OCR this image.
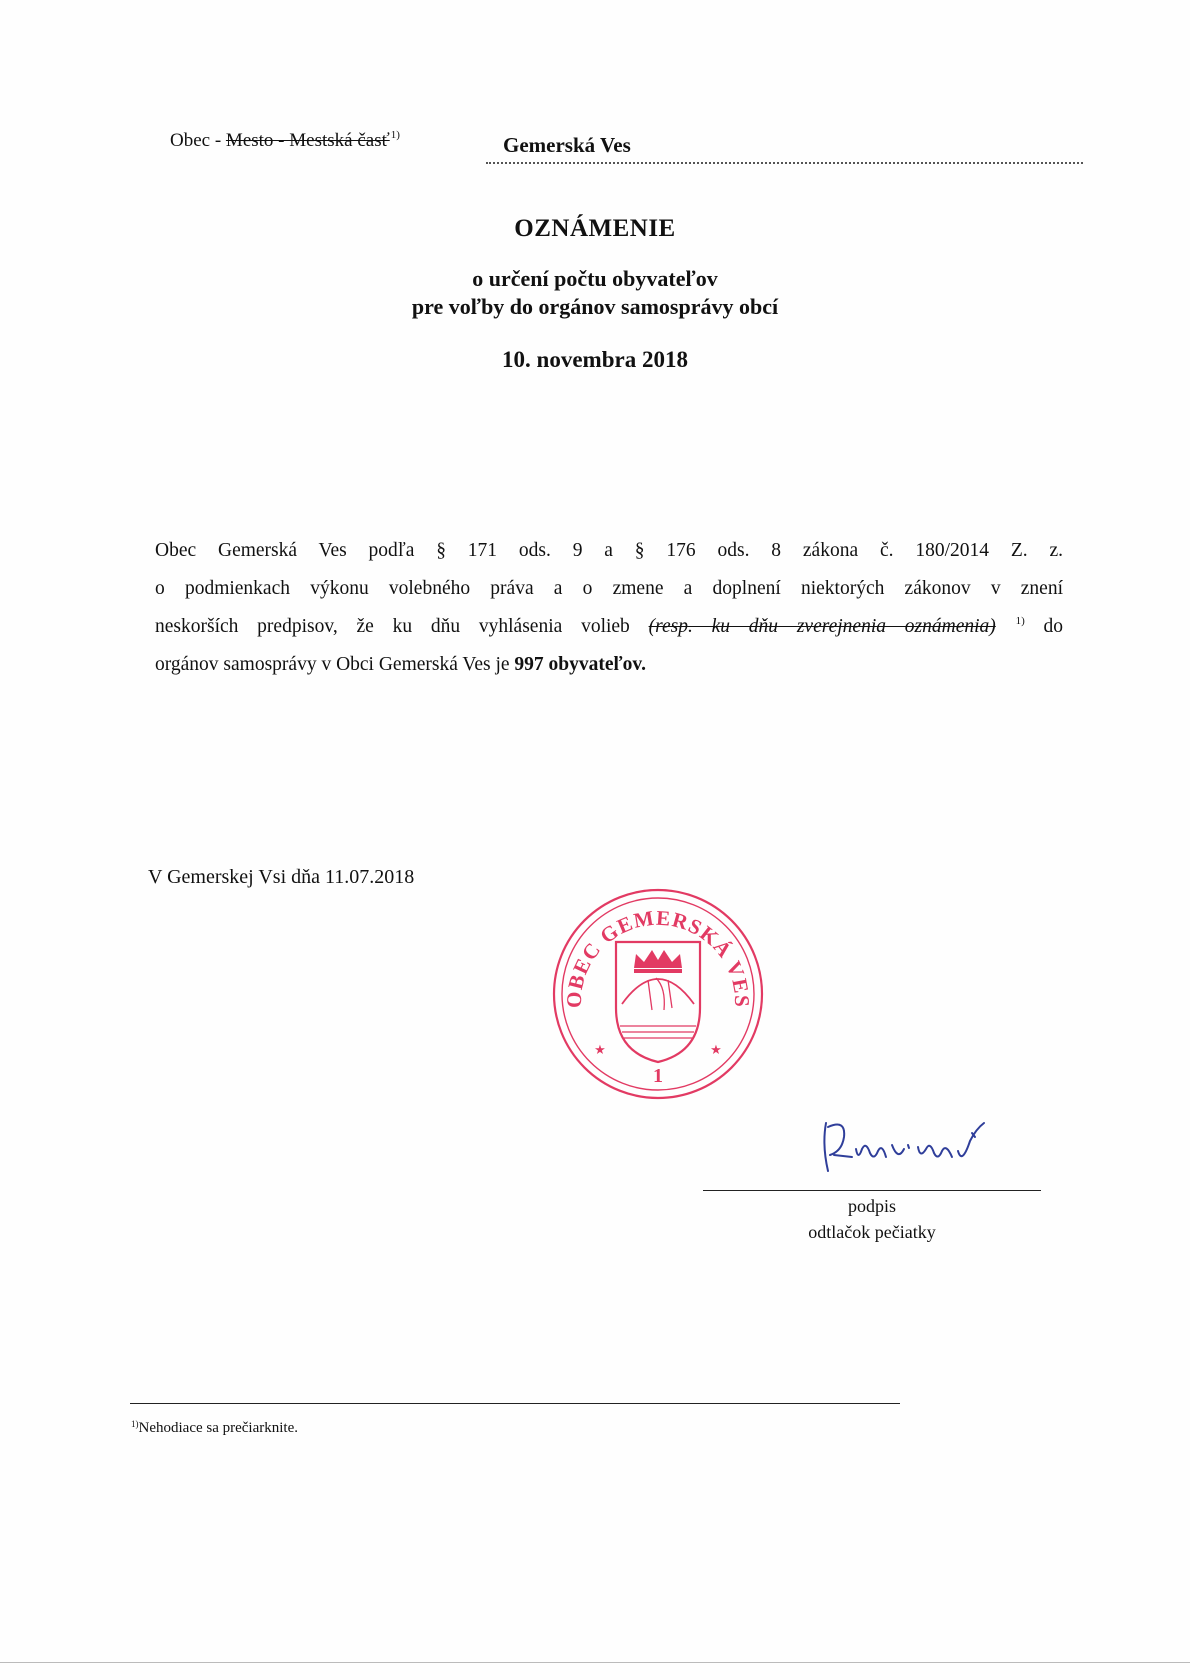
Obec - Mesto - Mestská časť$^{1)}$	Gemerská Ves
OZNÁMENIE
o určení počtu obyvateľov
pre voľby do orgánov samosprávy obcí
10. novembra 2018
Obec Gemerská Ves podľa § 171 ods. 9 a § 176 ods. 8 zákona č. 180/2014 Z. z.
o podmienkach výkonu volebného práva a o zmene a doplnení niektorých zákonov v znení
neskorších predpisov, že ku dňu vyhlásenia volieb (resp. ku dňu zverejnenia oznámenia) $^{1)}$ do
orgánov samosprávy v Obci Gemerská Ves je 997 obyvateľov.
V Gemerskej Vsi dňa 11.07.2018
OBEC GEMERSKÁ VES
★	★
1
podpis
odtlačok pečiatky
$^{1)}$Nehodiace sa prečiarknite.
